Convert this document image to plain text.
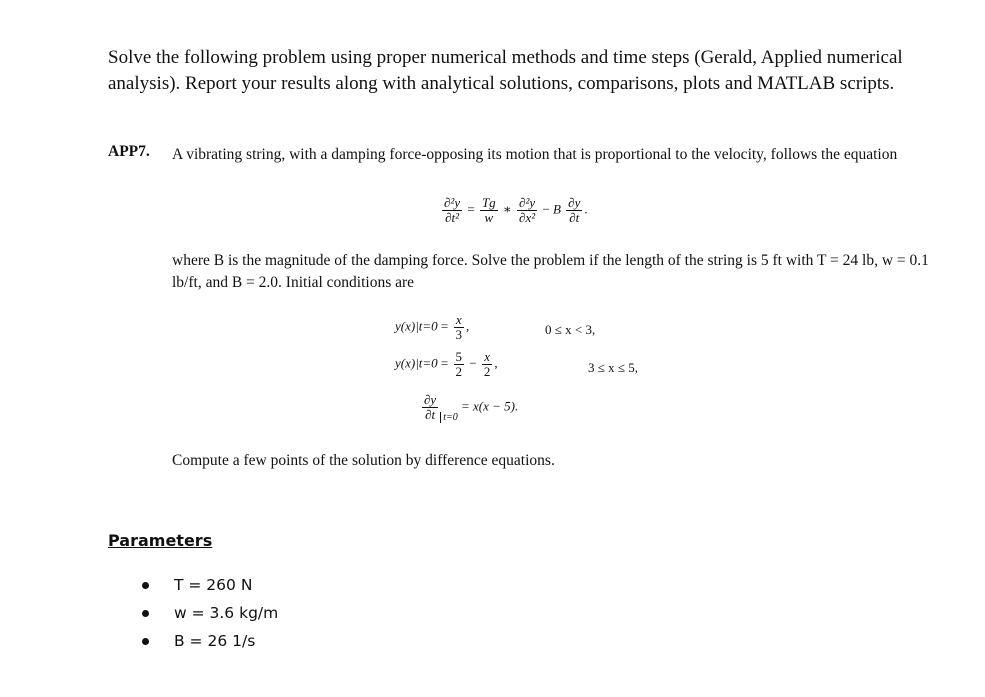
Solve the following problem using proper numerical methods and time steps (Gerald, Applied numerical analysis). Report your results along with analytical solutions, comparisons, plots and MATLAB scripts.

APP7. A vibrating string, with a damping force-opposing its motion that is proportional to the velocity, follows the equation

$\frac{\text{∂²y}}{\text{∂t²}} = \frac{Tg}{w}$ ∗ $\frac{\text{∂²y}}{\text{∂x²}} - B \frac{\partial y}{\partial t}$ .

where B is the magnitude of the damping force. Solve the problem if the length of the string is 5 ft with T = 24 lb, w = 0.1 lb/ft, and B = 2.0. Initial conditions are

$y(x)|t=0 = \frac{x}{3}$ ,	0 ≤ x < 3,
$y(x)|t=0 = \frac{5}{2} - \frac{x}{2}$ ,	3 ≤ x ≤ 5,
$\frac{\partial y}{\partial t} _{t=0} = x(x - 5)$.

Compute a few points of the solution by difference equations.

Parameters
T = 260 N
w = 3.6 kg/m
B = 26 1/s
